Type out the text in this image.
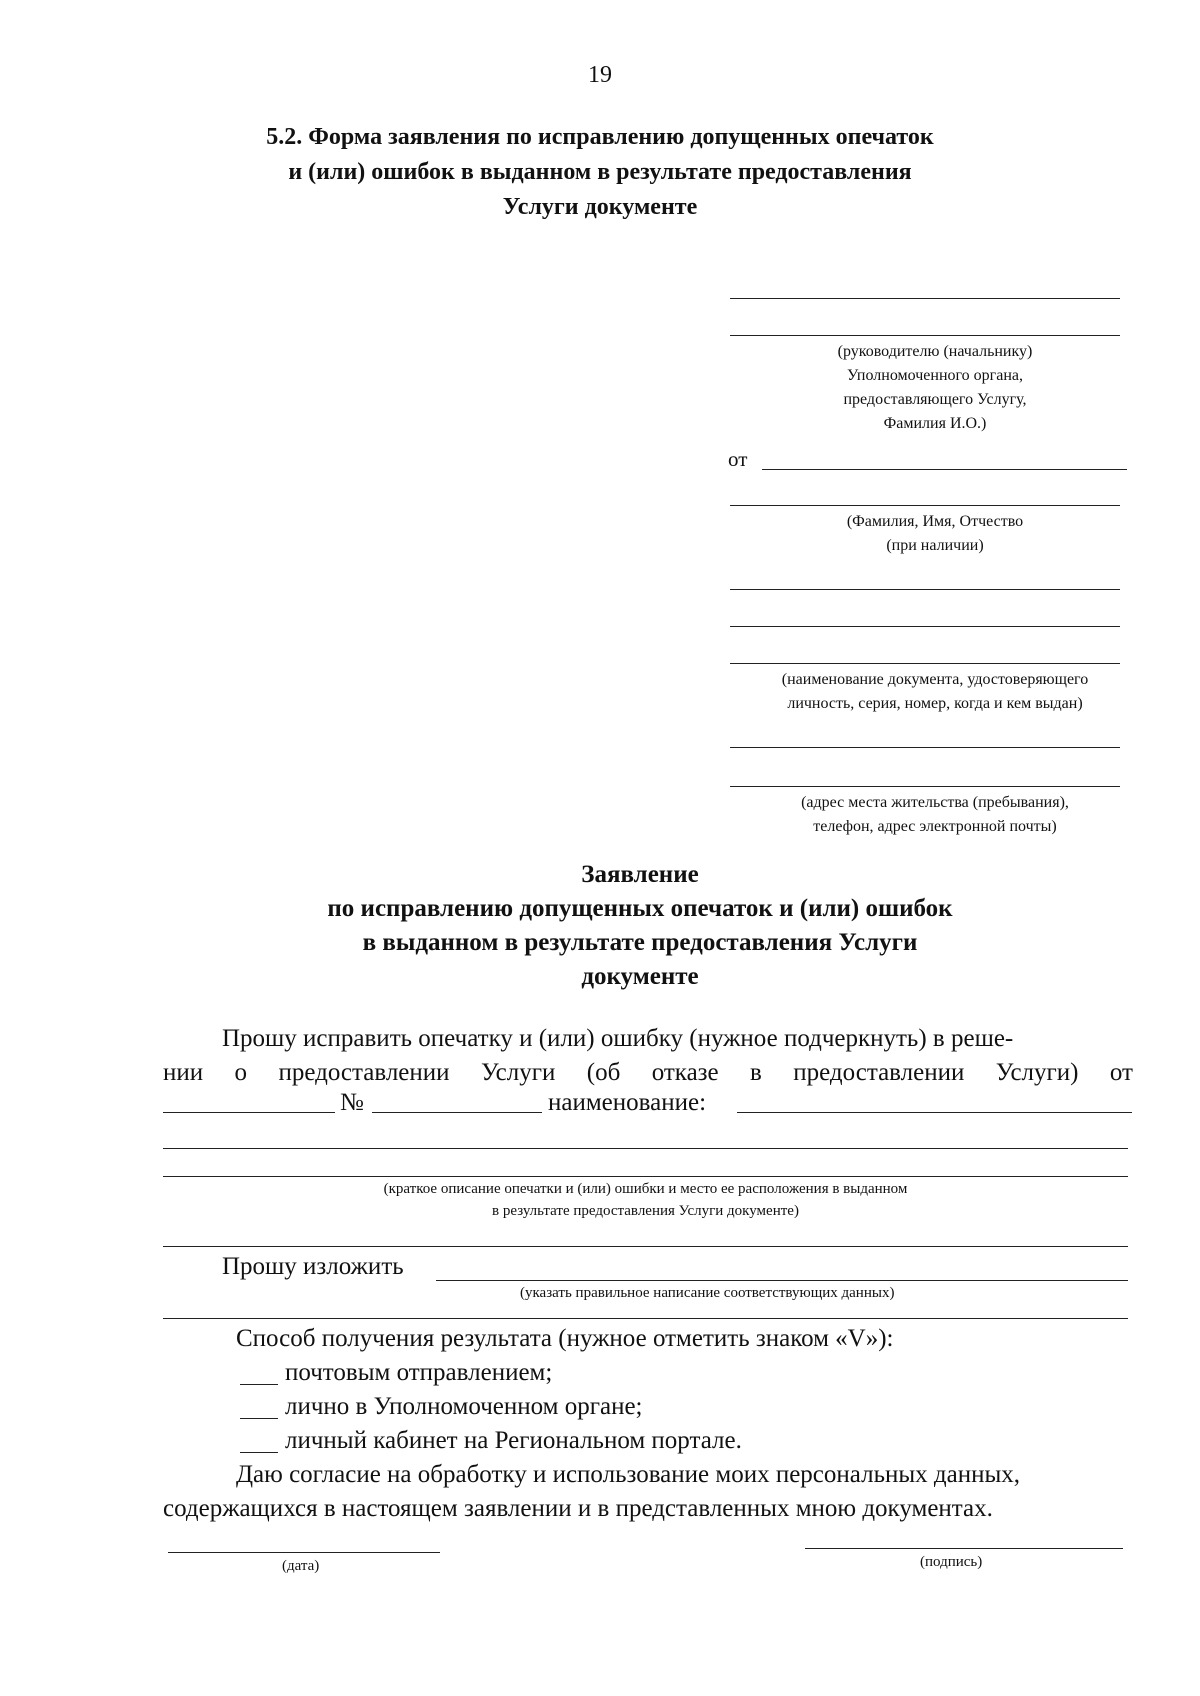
19
5.2. Форма заявления по исправлению допущенных опечаток
и (или) ошибок в выданном в результате предоставления
Услуги документе
(руководителю (начальнику)
Уполномоченного органа,
предоставляющего Услугу,
Фамилия И.О.)
от
(Фамилия, Имя, Отчество
(при наличии)
(наименование документа, удостоверяющего
личность, серия, номер, когда и кем выдан)
(адрес места жительства (пребывания),
телефон, адрес электронной почты)
Заявление
по исправлению допущенных опечаток и (или) ошибок
в выданном в результате предоставления Услуги
документе
Прошу исправить опечатку и (или) ошибку (нужное подчеркнуть) в реше-
нии о предоставлении Услуги (об отказе в предоставлении Услуги) от
№	наименование:
(краткое описание опечатки и (или) ошибки и место ее расположения в выданном
в результате предоставления Услуги документе)
Прошу изложить
(указать правильное написание соответствующих данных)
Способ получения результата (нужное отметить знаком «V»):
почтовым отправлением;
лично в Уполномоченном органе;
личный кабинет на Региональном портале.
Даю согласие на обработку и использование моих персональных данных,
содержащихся в настоящем заявлении и в представленных мною документах.
(дата)	(подпись)
